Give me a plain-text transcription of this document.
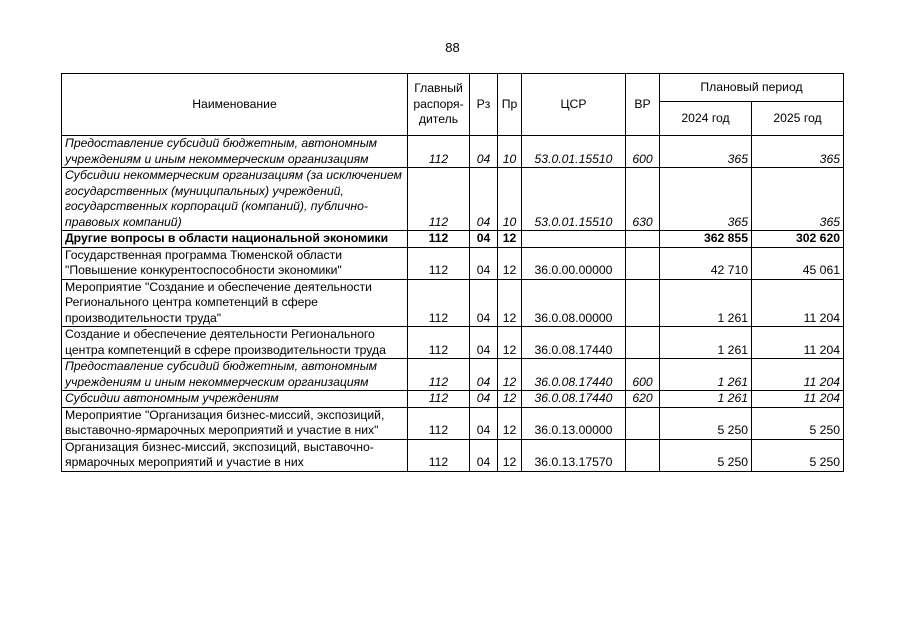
88
Наименование	Главный распоря-дитель	Рз	Пр	ЦСР	ВР	Плановый период	
						2024 год	2025 год
Предоставление субсидий бюджетным, автономным учреждениям и иным некоммерческим организациям	112	04	10	53.0.01.15510	600	365	365
Субсидии некоммерческим организациям (за исключением государственных (муниципальных) учреждений, государственных корпораций (компаний), публично-правовых компаний)	112	04	10	53.0.01.15510	630	365	365
Другие вопросы в области национальной экономики	112	04	12			362 855	302 620
Государственная программа Тюменской области "Повышение конкурентоспособности экономики"	112	04	12	36.0.00.00000		42 710	45 061
Мероприятие "Создание и обеспечение деятельности Регионального центра компетенций в сфере производительности труда"	112	04	12	36.0.08.00000		1 261	11 204
Создание и обеспечение деятельности Регионального центра компетенций в сфере производительности труда	112	04	12	36.0.08.17440		1 261	11 204
Предоставление субсидий бюджетным, автономным учреждениям и иным некоммерческим организациям	112	04	12	36.0.08.17440	600	1 261	11 204
Субсидии автономным учреждениям	112	04	12	36.0.08.17440	620	1 261	11 204
Мероприятие "Организация бизнес-миссий, экспозиций, выставочно-ярмарочных мероприятий и участие в них"	112	04	12	36.0.13.00000		5 250	5 250
Организация бизнес-миссий, экспозиций, выставочно-ярмарочных мероприятий и участие в них	112	04	12	36.0.13.17570		5 250	5 250
